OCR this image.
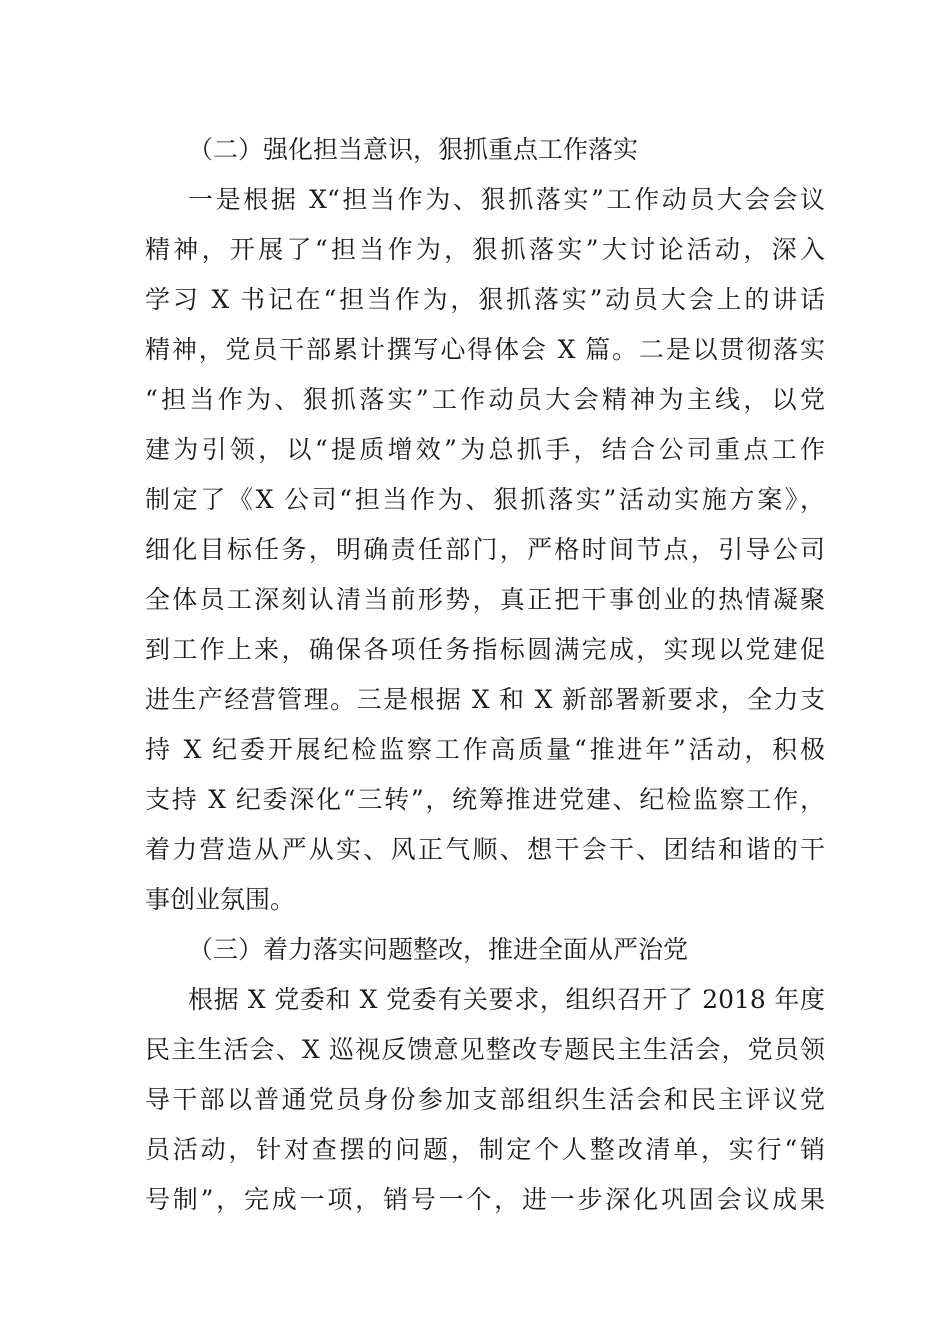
（二）强化担当意识，狠抓重点工作落实
一是根据 X“担当作为、狠抓落实”工作动员大会会议
精神，开展了“担当作为，狠抓落实”大讨论活动，深入
学习 X 书记在“担当作为，狠抓落实”动员大会上的讲话
精神，党员干部累计撰写心得体会 X 篇。二是以贯彻落实
“担当作为、狠抓落实”工作动员大会精神为主线，以党
建为引领，以“提质增效”为总抓手，结合公司重点工作
制定了《X 公司“担当作为、狠抓落实”活动实施方案》，
细化目标任务，明确责任部门，严格时间节点，引导公司
全体员工深刻认清当前形势，真正把干事创业的热情凝聚
到工作上来，确保各项任务指标圆满完成，实现以党建促
进生产经营管理。三是根据 X 和 X 新部署新要求，全力支
持 X 纪委开展纪检监察工作高质量“推进年”活动，积极
支持 X 纪委深化“三转”，统筹推进党建、纪检监察工作，
着力营造从严从实、风正气顺、想干会干、团结和谐的干
事创业氛围。
（三）着力落实问题整改，推进全面从严治党
根据 X 党委和 X 党委有关要求，组织召开了 2018 年度
民主生活会、X 巡视反馈意见整改专题民主生活会，党员领
导干部以普通党员身份参加支部组织生活会和民主评议党
员活动，针对查摆的问题，制定个人整改清单，实行“销
号制”，完成一项，销号一个，进一步深化巩固会议成果
